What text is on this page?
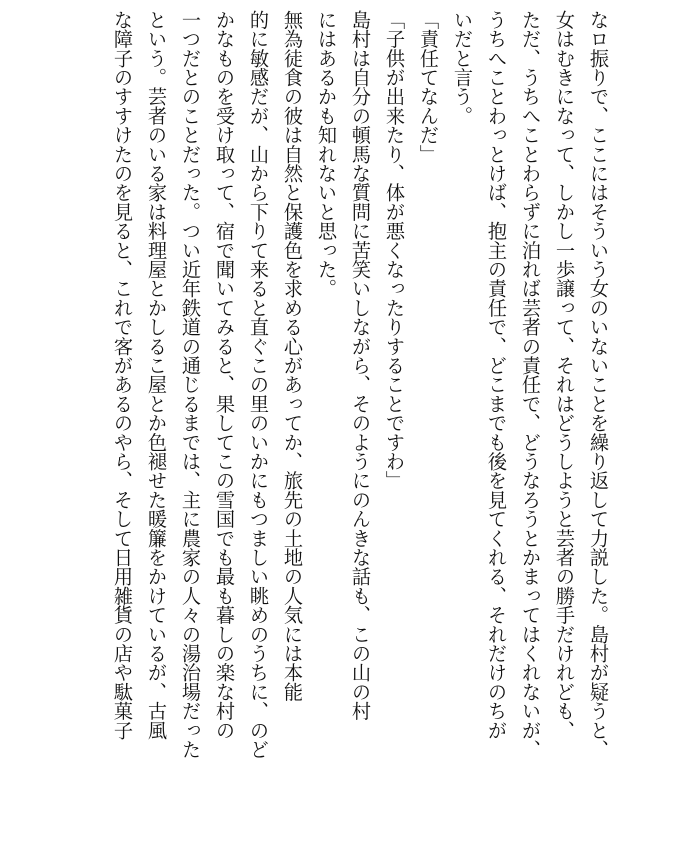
なロ振りで、ここにはそういう女のいないことを繰り返して力説した。島村が疑うと、
女はむきになって、しかし一歩譲って、それはどうしようと芸者の勝手だけれども、
ただ、うちへことわらずに泊れば芸者の責任で、どうなろうとかまってはくれないが、
うちへことわっとけば、抱主の責任で、どこまでも後を見てくれる、それだけのちが
いだと言う。
「責任てなんだ」
「子供が出来たり、体が悪くなったりすることですわ」
島村は自分の頓馬な質問に苦笑いしながら、そのようにのんきな話も、この山の村
にはあるかも知れないと思った。
無為徒食の彼は自然と保護色を求める心があってか、旅先の土地の人気には本能
的に敏感だが、山から下りて来ると直ぐこの里のいかにもつましい眺めのうちに、のど
かなものを受け取って、宿で聞いてみると、果してこの雪国でも最も暮しの楽な村の
一つだとのことだった。つい近年鉄道の通じるまでは、主に農家の人々の湯治場だった
という。芸者のいる家は料理屋とかしるこ屋とか色褪せた暖簾をかけているが、古風
な障子のすすけたのを見ると、これで客があるのやら、そして日用雑貨の店や駄菓子
